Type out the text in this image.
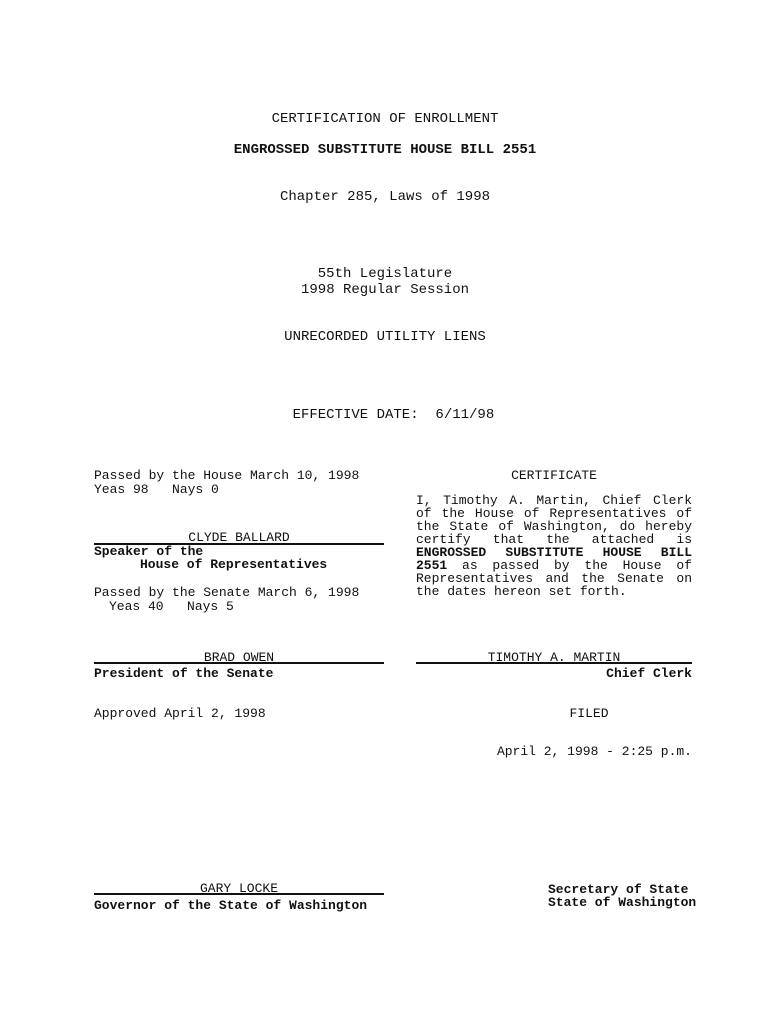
CERTIFICATION OF ENROLLMENT
ENGROSSED SUBSTITUTE HOUSE BILL 2551
Chapter 285, Laws of 1998
55th Legislature
1998 Regular Session
UNRECORDED UTILITY LIENS

EFFECTIVE DATE: 6/11/98

Passed by the House March 10, 1998
Yeas 98   Nays 0
CLYDE BALLARD
Speaker of the
House of Representatives
Passed by the Senate March 6, 1998
Yeas 40   Nays 5
BRAD OWEN
President of the Senate
Approved April 2, 1998
GARY LOCKE
Governor of the State of Washington
CERTIFICATE
I, Timothy A. Martin, Chief Clerk of the House of Representatives of the State of Washington, do hereby certify that the attached is ENGROSSED SUBSTITUTE HOUSE BILL 2551 as passed by the House of Representatives and the Senate on the dates hereon set forth.
TIMOTHY A. MARTIN
Chief Clerk
FILED
April 2, 1998 - 2:25 p.m.
Secretary of State
State of Washington
